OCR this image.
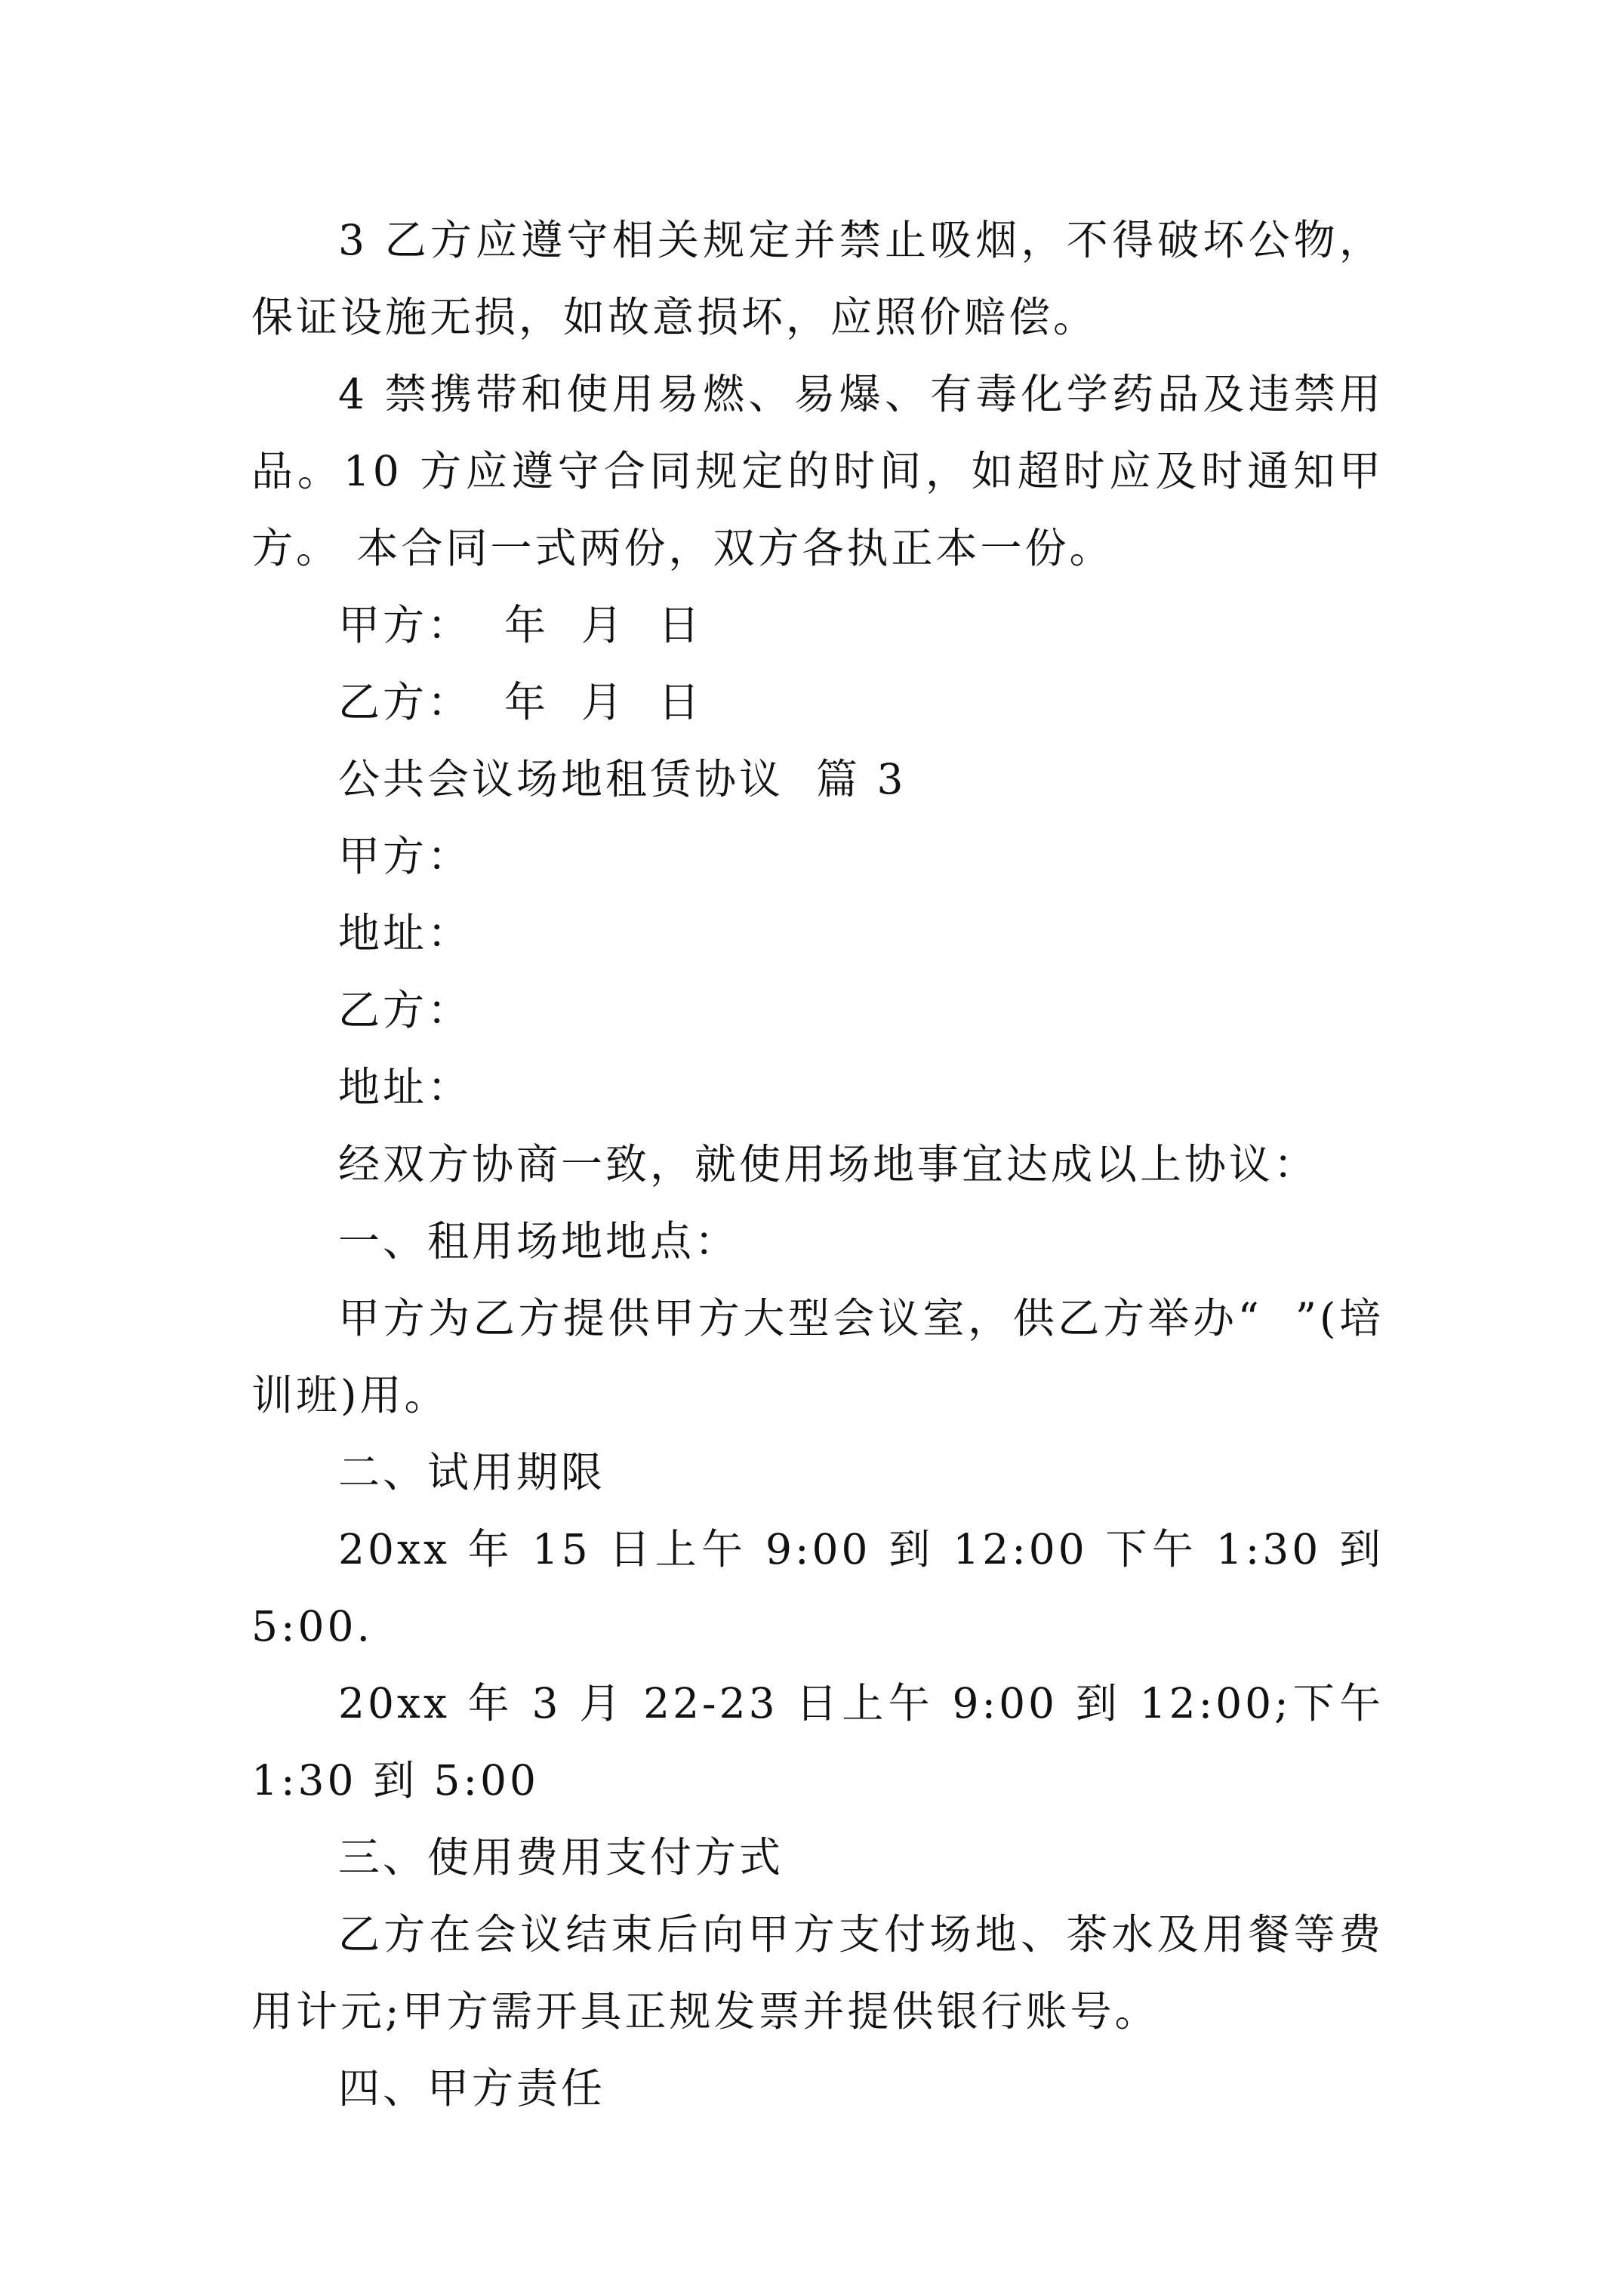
3 乙方应遵守相关规定并禁止吸烟，不得破坏公物，保证设施无损，如故意损坏，应照价赔偿。

4 禁携带和使用易燃、易爆、有毒化学药品及违禁用品。10 方应遵守合同规定的时间，如超时应及时通知甲方。 本合同一式两份，双方各执正本一份。

甲方：  年  月  日

乙方：  年  月  日

公共会议场地租赁协议  篇 3

甲方：

地址：

乙方：

地址：

经双方协商一致，就使用场地事宜达成以上协议：

一、租用场地地点：

甲方为乙方提供甲方大型会议室，供乙方举办“  ”(培训班)用。

二、试用期限

20xx 年 15 日上午 9:00 到 12:00 下午 1:30 到 5:00.

20xx 年 3 月 22-23 日上午 9:00 到 12:00;下午 1:30 到 5:00

三、使用费用支付方式

乙方在会议结束后向甲方支付场地、茶水及用餐等费用计元;甲方需开具正规发票并提供银行账号。

四、甲方责任
